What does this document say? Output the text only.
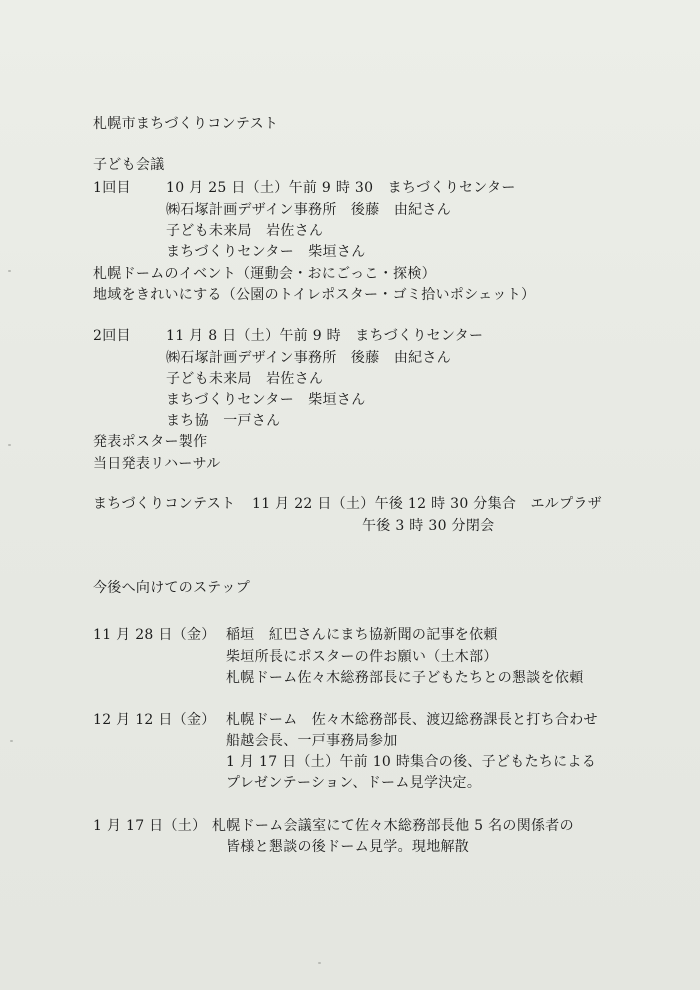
札幌市まちづくりコンテスト
子ども会議
1回目	10 月 25 日（土）午前 9 時 30　まちづくりセンター
㈱石塚計画デザイン事務所　後藤　由紀さん
子ども未来局　岩佐さん
まちづくりセンター　柴垣さん
札幌ドームのイベント（運動会・おにごっこ・探検）
地域をきれいにする（公園のトイレポスター・ゴミ拾いポシェット）
2回目	11 月 8 日（土）午前 9 時　まちづくりセンター
㈱石塚計画デザイン事務所　後藤　由紀さん
子ども未来局　岩佐さん
まちづくりセンター　柴垣さん
まち協　一戸さん
発表ポスター製作
当日発表リハーサル
まちづくりコンテスト 11 月 22 日（土）午後 12 時 30 分集合　エルプラザ
午後 3 時 30 分閉会
今後へ向けてのステップ
11 月 28 日（金） 稲垣　紅巴さんにまち協新聞の記事を依頼
柴垣所長にポスターの件お願い（土木部）
札幌ドーム佐々木総務部長に子どもたちとの懇談を依頼
12 月 12 日（金） 札幌ドーム　佐々木総務部長、渡辺総務課長と打ち合わせ
船越会長、一戸事務局参加
1 月 17 日（土）午前 10 時集合の後、子どもたちによる
プレゼンテーション、ドーム見学決定。
1 月 17 日（土） 札幌ドーム会議室にて佐々木総務部長他 5 名の関係者の
皆様と懇談の後ドーム見学。現地解散
